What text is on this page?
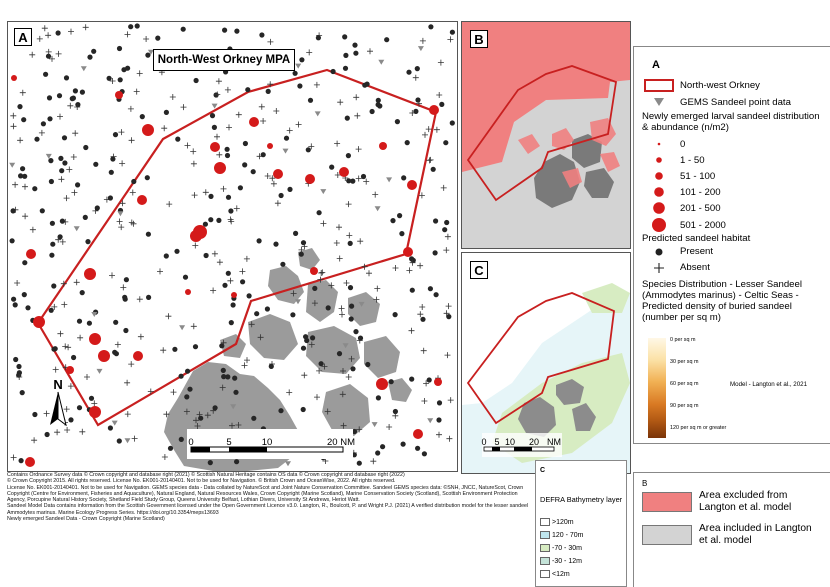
N
0	5	10	20 NM
A
North-West Orkney MPA
B
0 5 10 20 NM
C
A
North-west Orkney
GEMS Sandeel point data
Newly emerged larval sandeel distribution & abundance (n/m2)
0
1 - 50
51 - 100
101 - 200
201 - 500
501 - 2000
Predicted sandeel habitat
Present
Absent
Species Distribution - Lesser Sandeel (Ammodytes marinus) - Celtic Seas - Predicted density of buried sandeel (number per sq m)
0 per sq m
30 per sq m
60 per sq m
90 per sq m
120 per sq m or greater
Model - Langton et al., 2021
C
DEFRA Bathymetry layer
>120m
120 - 70m
-70 - 30m
-30 - 12m
<12m
B
Area excluded from Langton et al. model
Area included in Langton et al. model

Contains Ordnance Survey data © Crown copyright and database right (2021) © Scottish Natural Heritage contains OS data © Crown copyright and database right (2022)

© Crown Copyright 2015. All rights reserved. License No. EK001-20140401. Not to be used for Navigation. © British Crown and OceanWise, 2022. All rights reserved.

License No. EK001-20140401. Not to be used for Navigation. GEMS species data - Data collated by NatureScot and Joint Nature Conservation Committee. Sandeel GEMS species data: ©SNH, JNCC, NatureScot, Crown Copyright (Centre for Environment, Fisheries and Aquaculture), Natural England, Natural Resources Wales, Crown Copyright (Marine Scotland), Marine Conservation Society (Scotland), Scottish Environment Protection Agency, Porcupine Natural History Society, Shetland Field Study Group, Queens University Belfast, Lothian Divers, University St Andrews, Heriot Watt.

Sandeel Model Data contains information from the Scottish Government licensed under the Open Government Licence v3.0. Langton, R., Boulcott, P. and Wright P.J. (2021) A verified distribution model for the lesser sandeel Ammodytes marinus. Marine Ecology Progress Series. https://doi.org/10.3354/meps13693

Newly emerged Sandeel Data - Crown Copyright (Marine Scotland)
